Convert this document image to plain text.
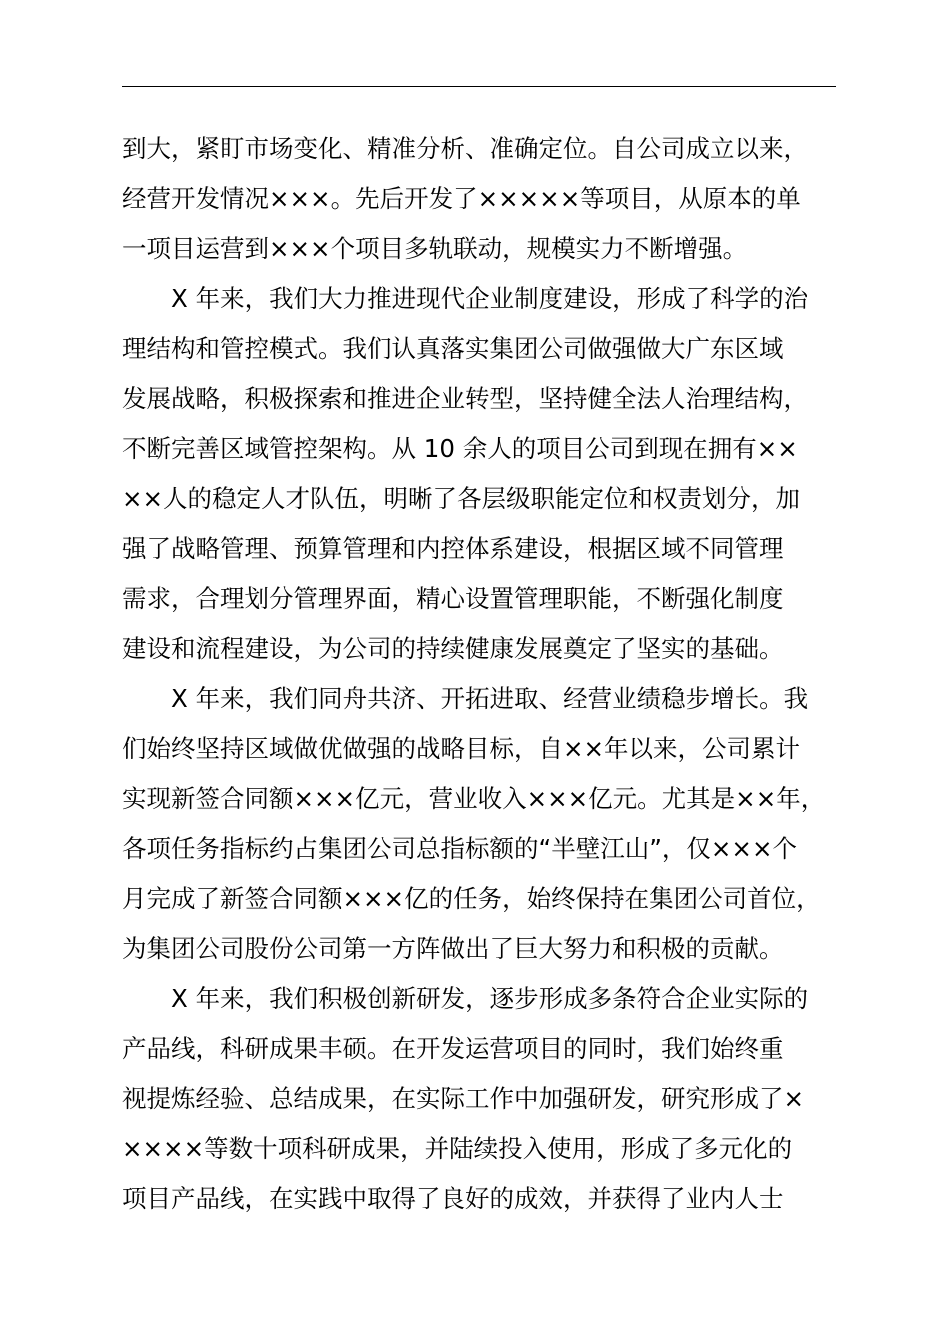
到大，紧盯市场变化、精准分析、准确定位。自公司成立以来，
经营开发情况×××。先后开发了×××××等项目，从原本的单
一项目运营到×××个项目多轨联动，规模实力不断增强。
X 年来，我们大力推进现代企业制度建设，形成了科学的治
理结构和管控模式。我们认真落实集团公司做强做大广东区域
发展战略，积极探索和推进企业转型，坚持健全法人治理结构，
不断完善区域管控架构。从 10 余人的项目公司到现在拥有××
××人的稳定人才队伍，明晰了各层级职能定位和权责划分，加
强了战略管理、预算管理和内控体系建设，根据区域不同管理
需求，合理划分管理界面，精心设置管理职能，不断强化制度
建设和流程建设，为公司的持续健康发展奠定了坚实的基础。
X 年来，我们同舟共济、开拓进取、经营业绩稳步增长。我
们始终坚持区域做优做强的战略目标，自××年以来，公司累计
实现新签合同额×××亿元，营业收入×××亿元。尤其是××年，
各项任务指标约占集团公司总指标额的“半壁江山”，仅×××个
月完成了新签合同额×××亿的任务，始终保持在集团公司首位，
为集团公司股份公司第一方阵做出了巨大努力和积极的贡献。
X 年来，我们积极创新研发，逐步形成多条符合企业实际的
产品线，科研成果丰硕。在开发运营项目的同时，我们始终重
视提炼经验、总结成果，在实际工作中加强研发，研究形成了×
××××等数十项科研成果，并陆续投入使用，形成了多元化的
项目产品线，在实践中取得了良好的成效，并获得了业内人士
